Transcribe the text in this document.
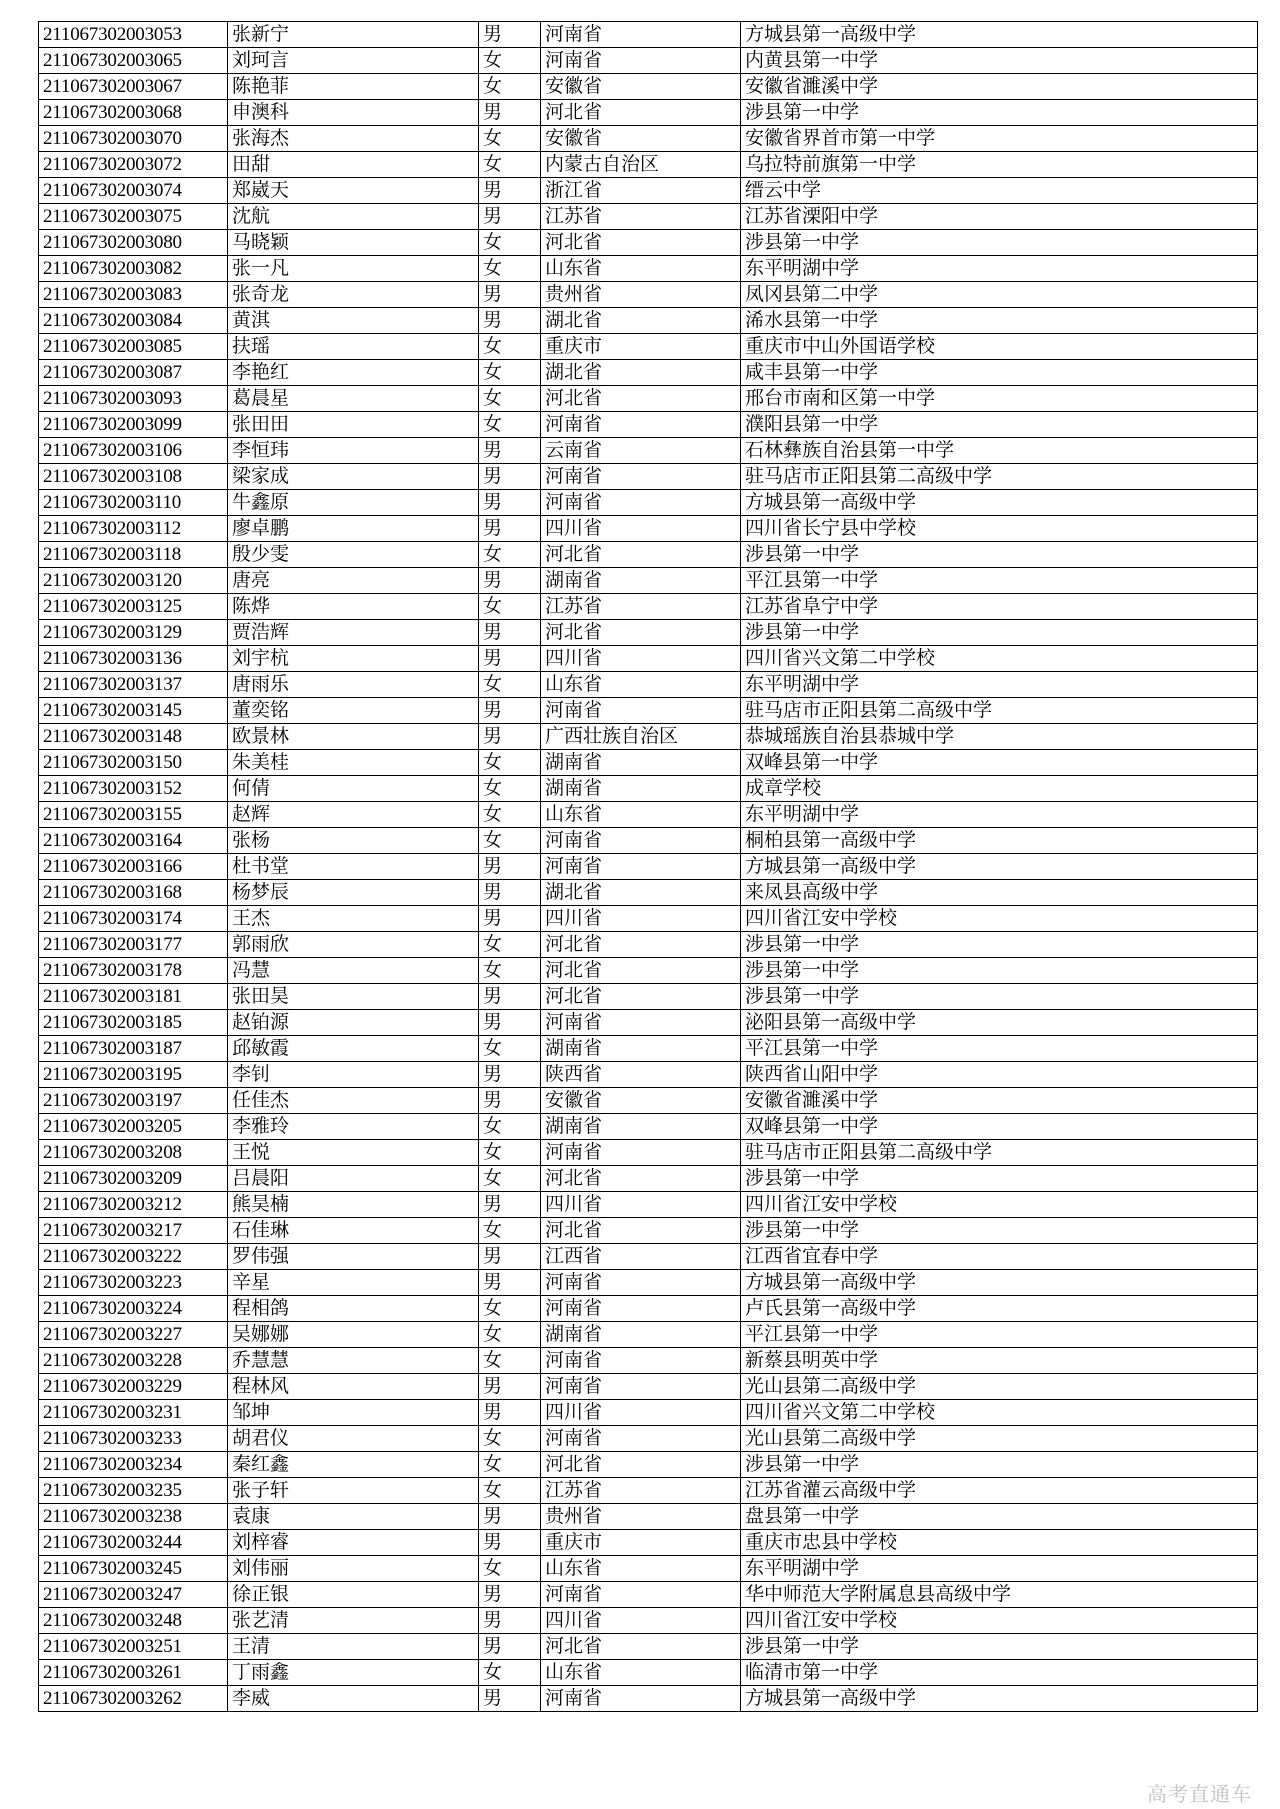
211067302003053	张新宁	男	河南省	方城县第一高级中学
211067302003065	刘珂言	女	河南省	内黄县第一中学
211067302003067	陈艳菲	女	安徽省	安徽省濉溪中学
211067302003068	申澳科	男	河北省	涉县第一中学
211067302003070	张海杰	女	安徽省	安徽省界首市第一中学
211067302003072	田甜	女	内蒙古自治区	乌拉特前旗第一中学
211067302003074	郑崴天	男	浙江省	缙云中学
211067302003075	沈航	男	江苏省	江苏省溧阳中学
211067302003080	马晓颖	女	河北省	涉县第一中学
211067302003082	张一凡	女	山东省	东平明湖中学
211067302003083	张奇龙	男	贵州省	凤冈县第二中学
211067302003084	黄淇	男	湖北省	浠水县第一中学
211067302003085	扶瑶	女	重庆市	重庆市中山外国语学校
211067302003087	李艳红	女	湖北省	咸丰县第一中学
211067302003093	葛晨星	女	河北省	邢台市南和区第一中学
211067302003099	张田田	女	河南省	濮阳县第一中学
211067302003106	李恒玮	男	云南省	石林彝族自治县第一中学
211067302003108	梁家成	男	河南省	驻马店市正阳县第二高级中学
211067302003110	牛鑫原	男	河南省	方城县第一高级中学
211067302003112	廖卓鹏	男	四川省	四川省长宁县中学校
211067302003118	殷少雯	女	河北省	涉县第一中学
211067302003120	唐亮	男	湖南省	平江县第一中学
211067302003125	陈烨	女	江苏省	江苏省阜宁中学
211067302003129	贾浩辉	男	河北省	涉县第一中学
211067302003136	刘宇杭	男	四川省	四川省兴文第二中学校
211067302003137	唐雨乐	女	山东省	东平明湖中学
211067302003145	董奕铭	男	河南省	驻马店市正阳县第二高级中学
211067302003148	欧景林	男	广西壮族自治区	恭城瑶族自治县恭城中学
211067302003150	朱美桂	女	湖南省	双峰县第一中学
211067302003152	何倩	女	湖南省	成章学校
211067302003155	赵辉	女	山东省	东平明湖中学
211067302003164	张杨	女	河南省	桐柏县第一高级中学
211067302003166	杜书堂	男	河南省	方城县第一高级中学
211067302003168	杨梦辰	男	湖北省	来凤县高级中学
211067302003174	王杰	男	四川省	四川省江安中学校
211067302003177	郭雨欣	女	河北省	涉县第一中学
211067302003178	冯慧	女	河北省	涉县第一中学
211067302003181	张田昊	男	河北省	涉县第一中学
211067302003185	赵铂源	男	河南省	泌阳县第一高级中学
211067302003187	邱敏霞	女	湖南省	平江县第一中学
211067302003195	李钊	男	陕西省	陕西省山阳中学
211067302003197	任佳杰	男	安徽省	安徽省濉溪中学
211067302003205	李雅玲	女	湖南省	双峰县第一中学
211067302003208	王悦	女	河南省	驻马店市正阳县第二高级中学
211067302003209	吕晨阳	女	河北省	涉县第一中学
211067302003212	熊昊楠	男	四川省	四川省江安中学校
211067302003217	石佳琳	女	河北省	涉县第一中学
211067302003222	罗伟强	男	江西省	江西省宜春中学
211067302003223	辛星	男	河南省	方城县第一高级中学
211067302003224	程相鸽	女	河南省	卢氏县第一高级中学
211067302003227	吴娜娜	女	湖南省	平江县第一中学
211067302003228	乔慧慧	女	河南省	新蔡县明英中学
211067302003229	程林风	男	河南省	光山县第二高级中学
211067302003231	邹坤	男	四川省	四川省兴文第二中学校
211067302003233	胡君仪	女	河南省	光山县第二高级中学
211067302003234	秦红鑫	女	河北省	涉县第一中学
211067302003235	张子轩	女	江苏省	江苏省灌云高级中学
211067302003238	袁康	男	贵州省	盘县第一中学
211067302003244	刘梓睿	男	重庆市	重庆市忠县中学校
211067302003245	刘伟丽	女	山东省	东平明湖中学
211067302003247	徐正银	男	河南省	华中师范大学附属息县高级中学
211067302003248	张艺清	男	四川省	四川省江安中学校
211067302003251	王清	男	河北省	涉县第一中学
211067302003261	丁雨鑫	女	山东省	临清市第一中学
211067302003262	李威	男	河南省	方城县第一高级中学
高考直通车
